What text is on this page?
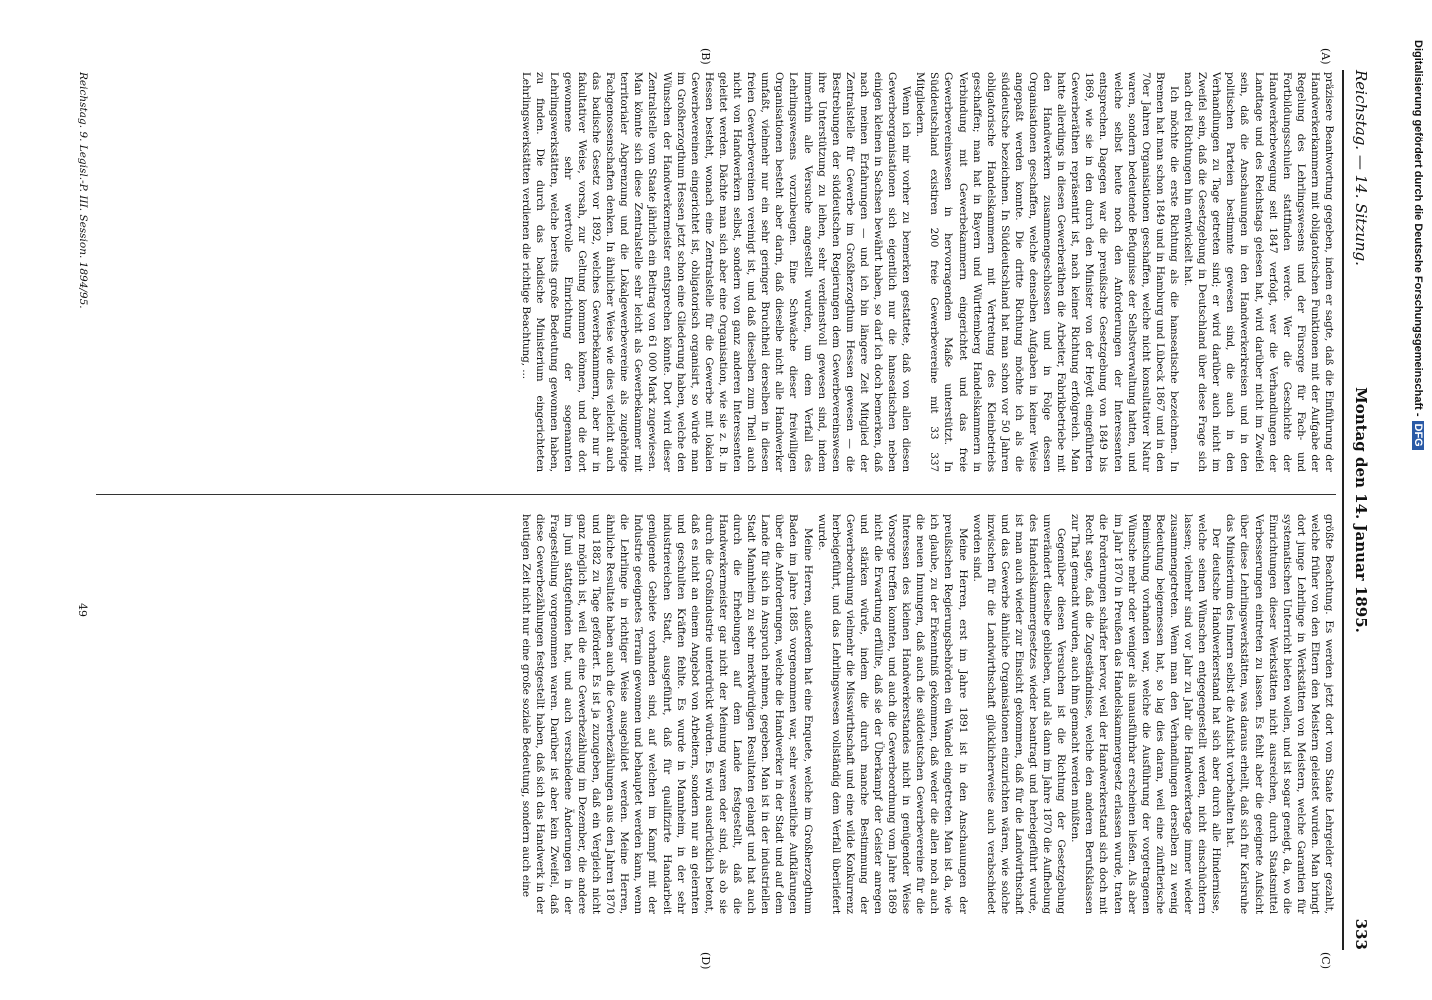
Reichstag. — 14. Sitzung.
Montag den 14. Januar 1895.
333
(A)
(B)
(C)
(D)

präzisere Beantwortung gegeben, indem er sagte, daß die Einführung der Handwerkerkammern mit obligatorischen Funktionen mit der Aufgabe der Regelung des Lehrlingswesens und der Fürsorge für Fach- und Fortbildungsschulen stattfinden werde. Wer die Geschichte der Handwerkerbewegung seit 1847 verfolgt, wer die Verhandlungen der Landtage und des Reichstags gelesen hat, wird darüber nicht im Zweifel sein, daß die Anschauungen in den Handwerkerkreisen und in den politischen Parteien bestimmte gewesen sind, die auch in den Verhandlungen zu Tage getreten sind; er wird darüber auch nicht im Zweifel sein, daß die Gesetzgebung in Deutschland über diese Frage sich nach drei Richtungen hin entwickelt hat.

Ich möchte die erste Richtung als die hanseatische bezeichnen. In Bremen hat man schon 1849 und in Hamburg und Lübeck 1867 und in den 70er Jahren Organisationen geschaffen, welche nicht konsultativer Natur waren, sondern bedeutende Befugnisse der Selbstverwaltung hatten, und welche selbst heute noch den Anforderungen der Interessenten entsprechen. Dagegen war die preußische Gesetzgebung von 1849 bis 1869, wie sie in den durch den Minister von der Heydt eingeführten Gewerberäthen repräsentirt ist, nach keiner Richtung erfolgreich. Man hatte allerdings in diesen Gewerberäthen die Arbeiter, Fabrikbetriebe mit den Handwerkern zusammengeschlossen und in Folge dessen Organisationen geschaffen, welche denselben Aufgaben in keiner Weise angepaßt werden konnte. Die dritte Richtung möchte ich als die süddeutsche bezeichnen. In Süddeutschland hat man schon vor 50 Jahren obligatorische Handelskammern mit Vertretung des Kleinbetriebs geschaffen; man hat in Bayern und Württemberg Handelskammern in Verbindung mit Gewerbekammern eingerichtet und das freie Gewerbevereinswesen in hervorragendem Maße unterstützt. In Süddeutschland existiren 200 freie Gewerbevereine mit 33 337 Mitgliedern.

Wenn ich mir vorher zu bemerken gestattete, daß von allen diesen Gewerbeorganisationen sich eigentlich nur die hanseatischen neben einigen kleinen in Sachsen bewährt haben, so darf ich doch bemerken, daß nach meinen Erfahrungen — und ich bin längere Zeit Mitglied der Zentralstelle für Gewerbe im Großherzogthum Hessen gewesen — die Bestrebungen der süddeutschen Regierungen dem Gewerbevereinswesen ihre Unterstützung zu leihen, sehr verdienstvoll gewesen sind, indem immerhin alle Versuche angestellt wurden, um dem Verfall des Lehrlingswesens vorzubeugen. Eine Schwäche dieser freiwilligen Organisationen besteht aber darin, daß dieselbe nicht alle Handwerker umfaßt, vielmehr nur ein sehr geringer Bruchtheil derselben in diesen freien Gewerbevereinen vereinigt ist, und daß dieselben zum Theil auch nicht von Handwerkern selbst, sondern von ganz anderen Interessenten geleitet werden. Dächte man sich aber eine Organisation, wie sie z. B. in Hessen besteht, wonach eine Zentralstelle für die Gewerbe mit lokalen Gewerbevereinen eingerichtet ist, obligatorisch organisirt, so würde man im Großherzogthum Hessen jetzt schon eine Gliederung haben, welche den Wünschen der Handwerkermeister entsprechen könnte. Dort wird dieser Zentralstelle vom Staate jährlich ein Beitrag von 61 000 Mark zugewiesen. Man könnte sich diese Zentralstelle sehr leicht als Gewerbekammer mit territorialer Abgrenzung und die Lokalgewerbevereine als zugehörige Fachgenossenschaften denken. In ähnlicher Weise wie dies vielleicht auch das badische Gesetz vor 1892, welches Gewerbekammern, aber nur in fakultativer Weise, vorsah, zur Geltung kommen können, und die dort gewonnene sehr wertvolle Einrichtung der sogenannten Lehrlingswerkstätten, welche bereits große Bedeutung gewonnen haben, zu finden. Die durch das badische Ministerium eingerichteten Lehrlingswerkstätten verdienen die richtige Beachtung, ...

größte Beachtung. Es werden jetzt dort vom Staate Lehrgelder gezahlt, welche früher von den Eltern den Meistern geleistet wurden. Man bringt dort junge Lehrlinge in Werkstätten von Meistern, welche Garantien für systematischen Unterricht bieten wollen, und ist sogar geneigt, da, wo die Einrichtungen dieser Werkstätten nicht ausreichen, durch Staatsmittel Verbesserungen eintreten zu lassen. Es fehlt aber die geeignete Aufsicht über diese Lehrlingswerkstätten, was daraus erhellt, daß sich für Karlsruhe das Ministerium des Innern selbst die Aufsicht vorbehalten hat.

Der deutsche Handwerkerstand hat sich aber durch alle Hindernisse, welche seinen Wünschen entgegengestellt werden, nicht einschüchtern lassen; vielmehr sind vor Jahr zu Jahr die Handwerkertage immer wieder zusammengetreten. Wenn man den Verhandlungen derselben zu wenig Bedeutung beigemessen hat, so lag dies daran, weil eine zünftlerische Beimischung vorhanden war, welche die Ausführung der vorgetragenen Wünsche mehr oder weniger als unausführbar erscheinen ließen. Als aber im Jahr 1870 in Preußen das Handelskammergesetz erlassen wurde, traten die Forderungen schärfer hervor, weil der Handwerkerstand sich doch mit Recht sagte, daß die Zugeständnisse, welche den anderen Berufsklassen zur That gemacht wurden, auch ihm gemacht werden müßten.

Gegenüber diesen Versuchen ist die Richtung der Gesetzgebung unverändert dieselbe geblieben, und als dann im Jahre 1870 die Aufhebung des Handelskammergesetzes wieder beantragt und herbeigeführt wurde, ist man auch wieder zur Einsicht gekommen, daß für die Landwirthschaft und das Gewerbe ähnliche Organisationen einzurichten wären, wie solche inzwischen für die Landwirthschaft glücklicherweise auch verabschiedet worden sind.

Meine Herren, erst im Jahre 1891 ist in den Anschauungen der preußischen Regierungsbehörden ein Wandel eingetreten. Man ist da, wie ich glaube, zu der Erkenntniß gekommen, daß weder die allen noch auch die neuen Innungen, daß auch die süddeutschen Gewerbevereine für die Interessen des kleinen Handwerkerstandes nicht in genügender Weise Vorsorge treffen konnten, und auch die Gewerbeordnung vom Jahre 1869 nicht die Erwartung erfüllte, daß sie der Überkampf der Geister anregen und stärken würde, indem die durch manche Bestimmung der Gewerbeordnung vielmehr die Misswirthschaft und eine wilde Konkurrenz herbeigeführt, und das Lehrlingswesen vollständig dem Verfall überliefert wurde.

Meine Herren, außerdem hat eine Enquete, welche im Großherzogthum Baden im Jahre 1885 vorgenommen war, sehr wesentliche Aufklärungen über die Anforderungen, welche die Handwerker in der Stadt und auf dem Lande für sich in Anspruch nehmen, gegeben. Man ist in der industriellen Stadt Mannheim zu sehr merkwürdigen Resultaten gelangt und hat auch durch die Erhebungen auf dem Lande festgestellt, daß die Handwerkermeister gar nicht der Meinung waren oder sind, als ob sie durch die Großindustrie unterdrückt würden. Es wird ausdrücklich betont, daß es nicht an einem Angebot von Arbeitern, sondern nur an gelernten und geschulten Kräften fehlte. Es wurde in Mannheim, in der sehr industriereichen Stadt, ausgeführt, daß für qualifizirte Handarbeit genügende Gebiete vorhanden sind, auf welchen im Kampf mit der Industrie geeignetes Terrain gewonnen und behauptet werden kann, wenn die Lehrlinge in richtiger Weise ausgebildet werden. Meine Herren, ähnliche Resultate haben auch die Gewerbezählungen aus den Jahren 1870 und 1882 zu Tage gefördert. Es ist ja zuzugeben, daß ein Vergleich nicht ganz möglich ist, weil die eine Gewerbezählung im Dezember, die andere im Juni stattgefunden hat, und auch verschiedene Änderungen in der Fragestellung vorgenommen waren. Darüber ist aber kein Zweifel, daß diese Gewerbezählungen festgestellt haben, daß sich das Handwerk in der heutigen Zeit nicht nur eine große soziale Bedeutung, sondern auch eine

Reichstag. 9. Legisl.-P. III. Session. 1894/95.
49
Digitalisierung gefördert durch die Deutsche Forschungsgemeinschaft -DFG
